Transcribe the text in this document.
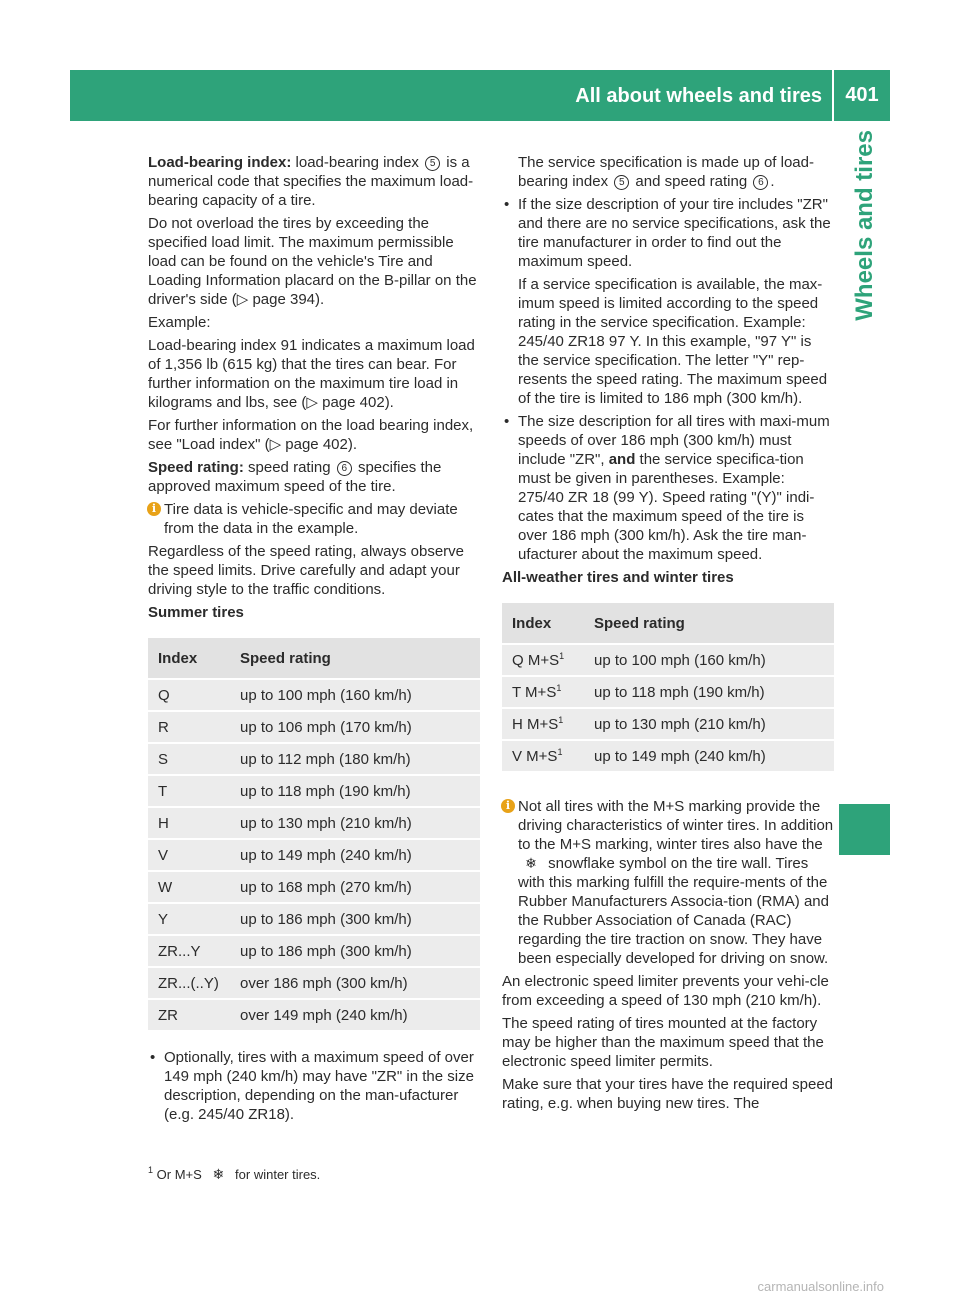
All about wheels and tires	401
Wheels and tires

Load-bearing index: load-bearing index 5 is a numerical code that specifies the maximum load-bearing capacity of a tire.

Do not overload the tires by exceeding the specified load limit. The maximum permissible load can be found on the vehicle's Tire and Loading Information placard on the B-pillar on the driver's side (▷ page 394).

Example:

Load-bearing index 91 indicates a maximum load of 1,356 lb (615 kg) that the tires can bear. For further information on the maximum tire load in kilograms and lbs, see (▷ page 402).

For further information on the load bearing index, see "Load index" (▷ page 402).

Speed rating: speed rating 6 specifies the approved maximum speed of the tire.

i Tire data is vehicle-specific and may deviate from the data in the example.

Regardless of the speed rating, always observe the speed limits. Drive carefully and adapt your driving style to the traffic conditions.

Summer tires

Index	Speed rating
Q	up to 100 mph (160 km/h)
R	up to 106 mph (170 km/h)
S	up to 112 mph (180 km/h)
T	up to 118 mph (190 km/h)
H	up to 130 mph (210 km/h)
V	up to 149 mph (240 km/h)
W	up to 168 mph (270 km/h)
Y	up to 186 mph (300 km/h)
ZR...Y	up to 186 mph (300 km/h)
ZR...(..Y)	over 186 mph (300 km/h)
ZR	over 149 mph (240 km/h)
• Optionally, tires with a maximum speed of over 149 mph (240 km/h) may have "ZR" in the size description, depending on the man-ufacturer (e.g. 245/40 ZR18).

The service specification is made up of load-bearing index 5 and speed rating 6 .

• If the size description of your tire includes "ZR" and there are no service specifications, ask the tire manufacturer in order to find out the maximum speed.

If a service specification is available, the max-imum speed is limited according to the speed rating in the service specification. Example: 245/40 ZR18 97 Y. In this example, "97 Y" is the service specification. The letter "Y" rep-resents the speed rating. The maximum speed of the tire is limited to 186 mph (300 km/h).

• The size description for all tires with maxi-mum speeds of over 186 mph (300 km/h) must include "ZR", and the service specifica-tion must be given in parentheses. Example: 275/40 ZR 18 (99 Y). Speed rating "(Y)" indi-cates that the maximum speed of the tire is over 186 mph (300 km/h). Ask the tire man-ufacturer about the maximum speed.

All-weather tires and winter tires

Index	Speed rating
Q $M+S^1$	up to 100 mph (160 km/h)
T $M+S^1$	up to 118 mph (190 km/h)
H $M+S^1$	up to 130 mph (210 km/h)
V $M+S^1$	up to 149 mph (240 km/h)
i Not all tires with the M+S marking provide the driving characteristics of winter tires. In addition to the M+S marking, winter tires also have the ❄ snowflake symbol on the tire wall. Tires with this marking fulfill the require-ments of the Rubber Manufacturers Associa-tion (RMA) and the Rubber Association of Canada (RAC) regarding the tire traction on snow. They have been especially developed for driving on snow.

An electronic speed limiter prevents your vehi-cle from exceeding a speed of 130 mph (210 km/h).

The speed rating of tires mounted at the factory may be higher than the maximum speed that the electronic speed limiter permits.

Make sure that your tires have the required speed rating, e.g. when buying new tires. The

$^1$ Or M+S ❄ for winter tires.
carmanualsonline.info
